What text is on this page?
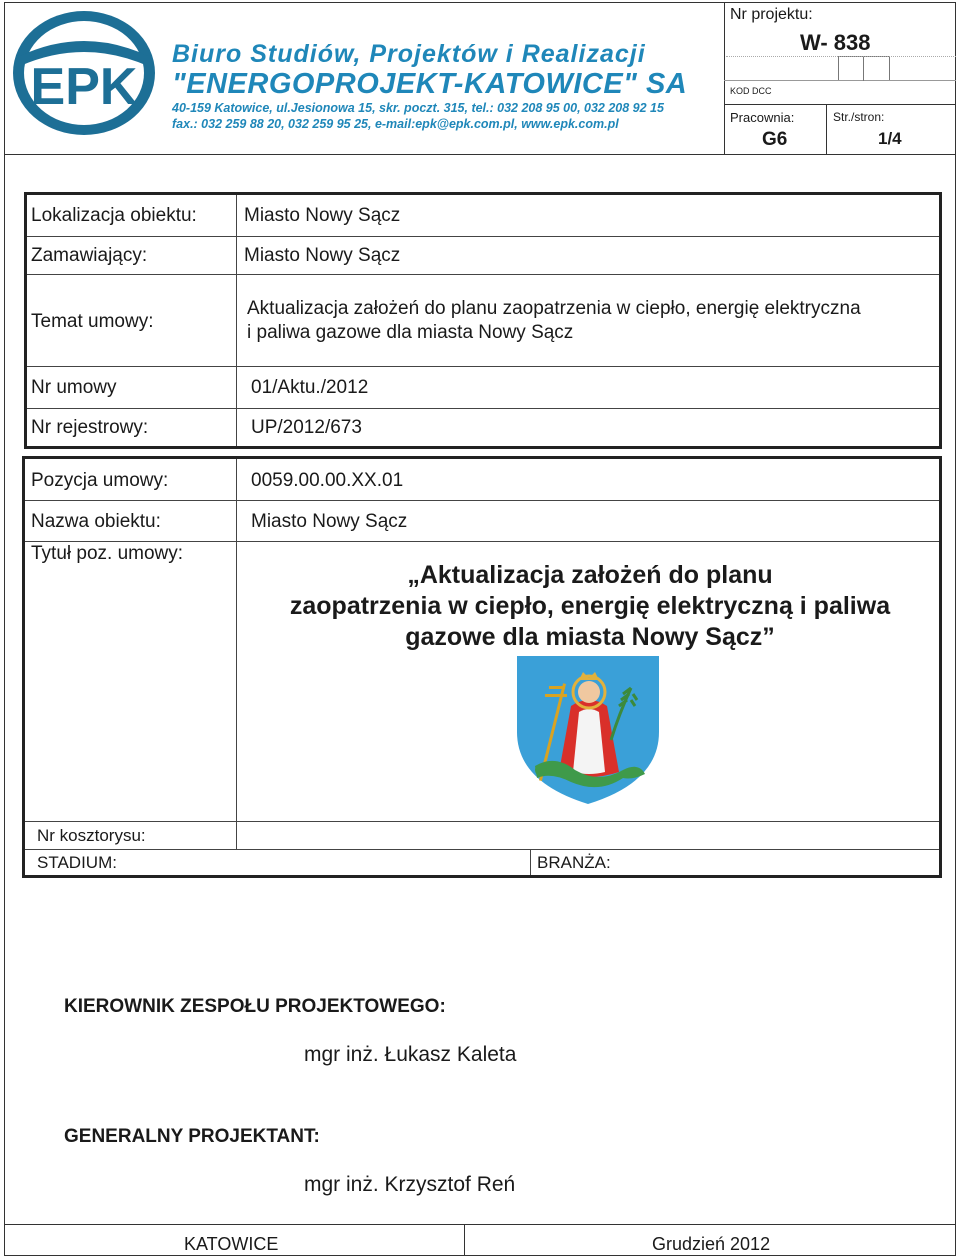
EPK
Biuro Studiów, Projektów i Realizacji
"ENERGOPROJEKT-KATOWICE" SA
40-159 Katowice, ul.Jesionowa 15, skr. poczt. 315, tel.: 032 208 95 00, 032 208 92 15
fax.: 032 259 88 20, 032 259 95 25, e-mail:epk@epk.com.pl, www.epk.com.pl
Nr projektu:
W- 838
KOD DCC
Pracownia:
G6
Str./stron:
1/4
Lokalizacja obiektu: Miasto Nowy Sącz
Zamawiający:	Miasto Nowy Sącz
Temat umowy:
Aktualizacja założeń do planu zaopatrzenia w ciepło, energię elektryczna
i paliwa gazowe dla miasta Nowy Sącz
Nr umowy	01/Aktu./2012
Nr rejestrowy:	UP/2012/673
Pozycja umowy:	0059.00.00.XX.01
Nazwa obiektu:	Miasto Nowy Sącz
Tytuł poz. umowy:
„Aktualizacja założeń do planu
zaopatrzenia w ciepło, energię elektryczną i paliwa
gazowe dla miasta Nowy Sącz”
Nr kosztorysu:
STADIUM:	BRANŻA:
KIEROWNIK ZESPOŁU PROJEKTOWEGO:
mgr inż. Łukasz Kaleta
GENERALNY PROJEKTANT:
mgr inż. Krzysztof Reń
KATOWICE	Grudzień 2012
